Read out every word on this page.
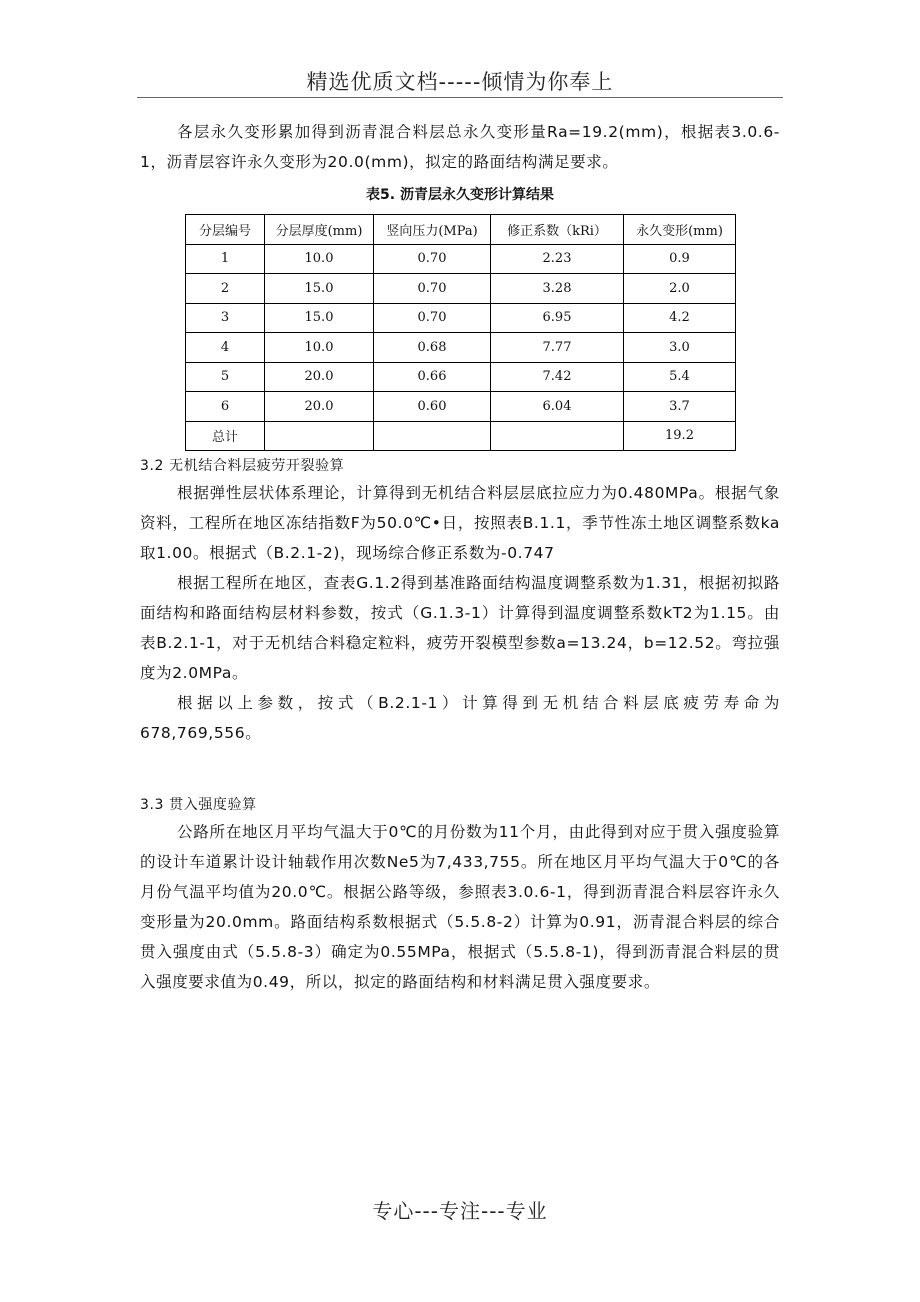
精选优质文档-----倾情为你奉上

各层永久变形累加得到沥青混合料层总永久变形量Ra=19.2(mm)，根据表3.0.6-1，沥青层容许永久变形为20.0(mm)，拟定的路面结构满足要求。

表5. 沥青层永久变形计算结果
分层编号	分层厚度(mm)	竖向压力(MPa)	修正系数（kRi）	永久变形(mm)
1	10.0	0.70	2.23	0.9
2	15.0	0.70	3.28	2.0
3	15.0	0.70	6.95	4.2
4	10.0	0.68	7.77	3.0
5	20.0	0.66	7.42	5.4
6	20.0	0.60	6.04	3.7
总计				19.2

3.2 无机结合料层疲劳开裂验算

根据弹性层状体系理论，计算得到无机结合料层层底拉应力为0.480MPa。根据气象资料，工程所在地区冻结指数F为50.0℃•日，按照表B.1.1，季节性冻土地区调整系数ka取1.00。根据式（B.2.1-2)，现场综合修正系数为-0.747

根据工程所在地区，查表G.1.2得到基准路面结构温度调整系数为1.31，根据初拟路面结构和路面结构层材料参数，按式（G.1.3-1）计算得到温度调整系数kT2为1.15。由表B.2.1-1，对于无机结合料稳定粒料，疲劳开裂模型参数a=13.24，b=12.52。弯拉强度为2.0MPa。

根据以上参数，按式（B.2.1-1）计算得到无机结合料层底疲劳寿命为678,769,556。

3.3 贯入强度验算

公路所在地区月平均气温大于0℃的月份数为11个月，由此得到对应于贯入强度验算的设计车道累计设计轴载作用次数Ne5为7,433,755。所在地区月平均气温大于0℃的各月份气温平均值为20.0℃。根据公路等级，参照表3.0.6-1，得到沥青混合料层容许永久变形量为20.0mm。路面结构系数根据式（5.5.8-2）计算为0.91，沥青混合料层的综合贯入强度由式（5.5.8-3）确定为0.55MPa，根据式（5.5.8-1)，得到沥青混合料层的贯入强度要求值为0.49，所以，拟定的路面结构和材料满足贯入强度要求。

专心---专注---专业
